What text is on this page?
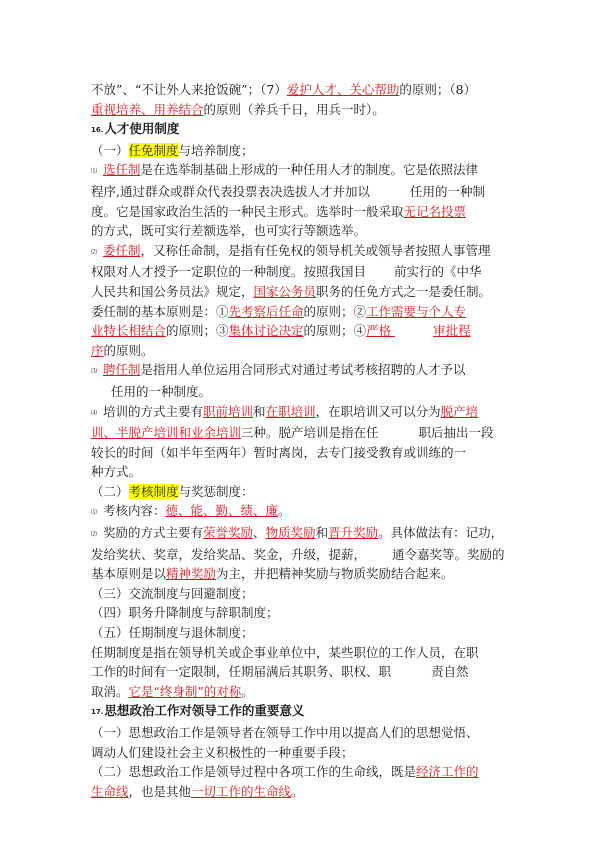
不放”、“不让外人来抢饭碗”；（7）爱护人才、关心帮助的原则；（8）
重视培养、用养结合的原则（养兵千日，用兵一时）。
16.人才使用制度
（一）任免制度与培养制度；
⑴ 选任制是在选举制基础上形成的一种任用人才的制度。它是依照法律
程序,通过群众或群众代表投票表决选拔人才并加以	任用的一种制
度。它是国家政治生活的一种民主形式。选举时一般采取无记名投票
的方式，既可实行差额选举，也可实行等额选举。
⑵ 委任制，又称任命制，是指有任免权的领导机关或领导者按照人事管理
权限对人才授予一定职位的一种制度。按照我国目 前实行的《中华
人民共和国公务员法》规定，国家公务员职务的任免方式之一是委任制。
委任制的基本原则是：①先考察后任命的原则；②工作需要与个人专
业特长相结合的原则；③集体讨论决定的原则；④严格	审批程
序的原则。
⑶ 聘任制是指用人单位运用合同形式对通过考试考核招聘的人才予以
任用的一种制度。
⑷ 培训的方式主要有职前培训和在职培训，在职培训又可以分为脱产培
训、半脱产培训和业余培训三种。脱产培训是指在任	职后抽出一段
较长的时间（如半年至两年）暂时离岗，去专门接受教育或训练的一
种方式。
（二）考核制度与奖惩制度：
⑴ 考核内容：德、能、勤、绩、廉。
⑵ 奖励的方式主要有荣誉奖励、物质奖励和晋升奖励。具体做法有：记功，
发给奖状、奖章，发给奖品、奖金，升级，提薪， 通令嘉奖等。奖励的
基本原则是以精神奖励为主，并把精神奖励与物质奖励结合起来。
（三）交流制度与回避制度；
（四）职务升降制度与辞职制度；
（五）任期制度与退休制度；
任期制度是指在领导机关或企事业单位中，某些职位的工作人员，在职
工作的时间有一定限制，任期届满后其职务、职权、职	责自然
取消。它是“终身制”的对称。
17.思想政治工作对领导工作的重要意义
（一）思想政治工作是领导者在领导工作中用以提高人们的思想觉悟、
调动人们建设社会主义积极性的一种重要手段；
（二）思想政治工作是领导过程中各项工作的生命线，既是经济工作的
生命线，也是其他一切工作的生命线。
